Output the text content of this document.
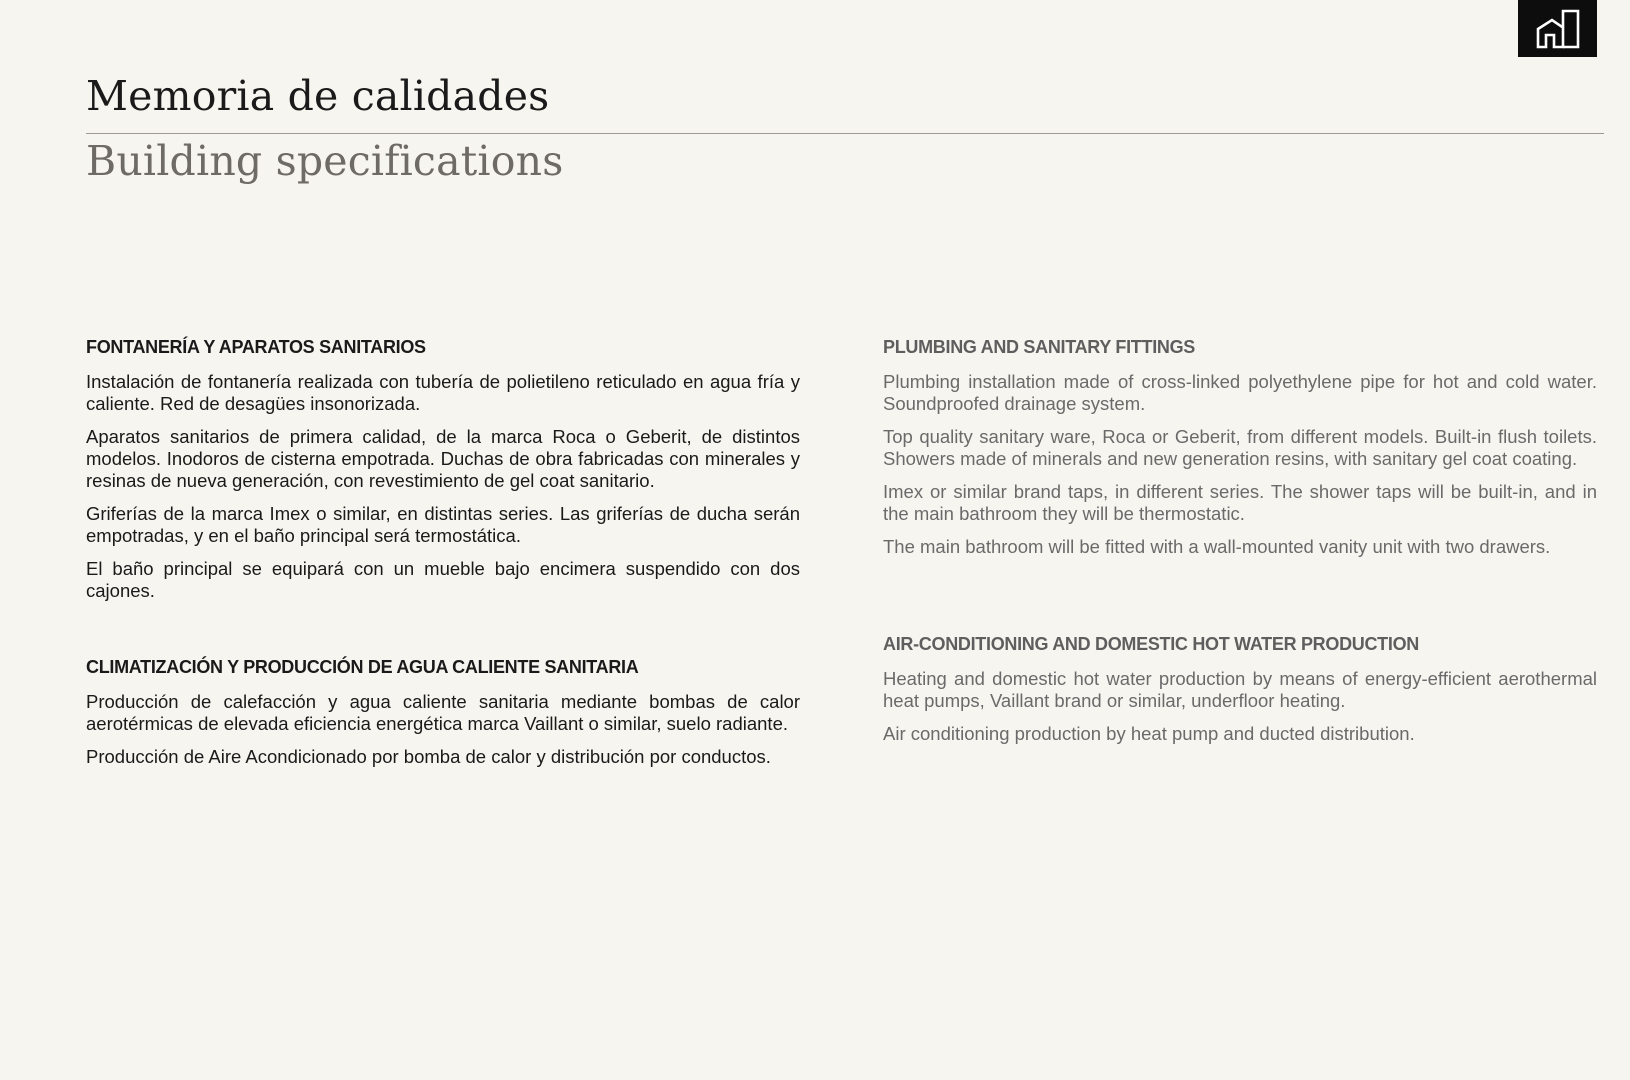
Memoria de calidades
Building specifications
FONTANERÍA Y APARATOS SANITARIOS

Instalación de fontanería realizada con tubería de polietileno reticulado en agua fría y caliente. Red de desagües insonorizada.

Aparatos sanitarios de primera calidad, de la marca Roca o Geberit, de distintos modelos. Inodoros de cisterna empotrada. Duchas de obra fabricadas con minerales y resinas de nueva generación, con revestimiento de gel coat sanitario.

Griferías de la marca Imex o similar, en distintas series. Las griferías de ducha serán empotradas, y en el baño principal será termostática.

El baño principal se equipará con un mueble bajo encimera suspendido con dos cajones.

CLIMATIZACIÓN Y PRODUCCIÓN DE AGUA CALIENTE SANITARIA

Producción de calefacción y agua caliente sanitaria mediante bombas de calor aerotérmicas de elevada eficiencia energética marca Vaillant o similar, suelo radiante.

Producción de Aire Acondicionado por bomba de calor y distribución por conductos.

PLUMBING AND SANITARY FITTINGS

Plumbing installation made of cross-linked polyethylene pipe for hot and cold water. Soundproofed drainage system.

Top quality sanitary ware, Roca or Geberit, from different models. Built-in flush toilets. Showers made of minerals and new generation resins, with sanitary gel coat coating.

Imex or similar brand taps, in different series. The shower taps will be built-in, and in the main bathroom they will be thermostatic.

The main bathroom will be fitted with a wall-mounted vanity unit with two drawers.

AIR-CONDITIONING AND DOMESTIC HOT WATER PRODUCTION

Heating and domestic hot water production by means of energy-efficient aerothermal heat pumps, Vaillant brand or similar, underfloor heating.

Air conditioning production by heat pump and ducted distribution.
